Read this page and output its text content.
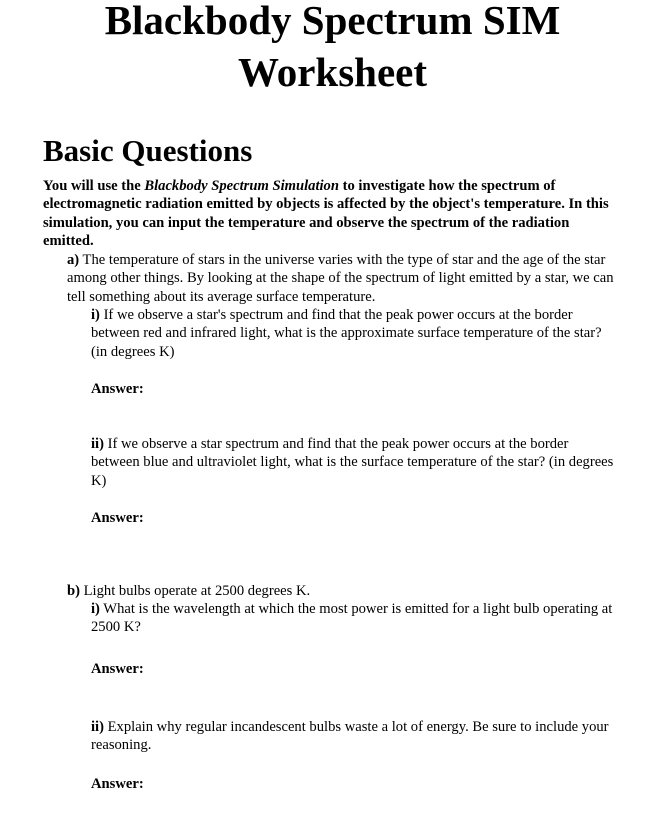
Blackbody Spectrum SIM
Worksheet
Basic Questions

You will use the Blackbody Spectrum Simulation to investigate how the spectrum of electromagnetic radiation emitted by objects is affected by the object's temperature. In this simulation, you can input the temperature and observe the spectrum of the radiation emitted.

a) The temperature of stars in the universe varies with the type of star and the age of the star among other things. By looking at the shape of the spectrum of light emitted by a star, we can tell something about its average surface temperature.

i) If we observe a star's spectrum and find that the peak power occurs at the border between red and infrared light, what is the approximate surface temperature of the star? (in degrees K)

Answer:

ii) If we observe a star spectrum and find that the peak power occurs at the border between blue and ultraviolet light, what is the surface temperature of the star? (in degrees K)

Answer:

b) Light bulbs operate at 2500 degrees K.

i) What is the wavelength at which the most power is emitted for a light bulb operating at 2500 K?

Answer:

ii) Explain why regular incandescent bulbs waste a lot of energy. Be sure to include your reasoning.

Answer:
